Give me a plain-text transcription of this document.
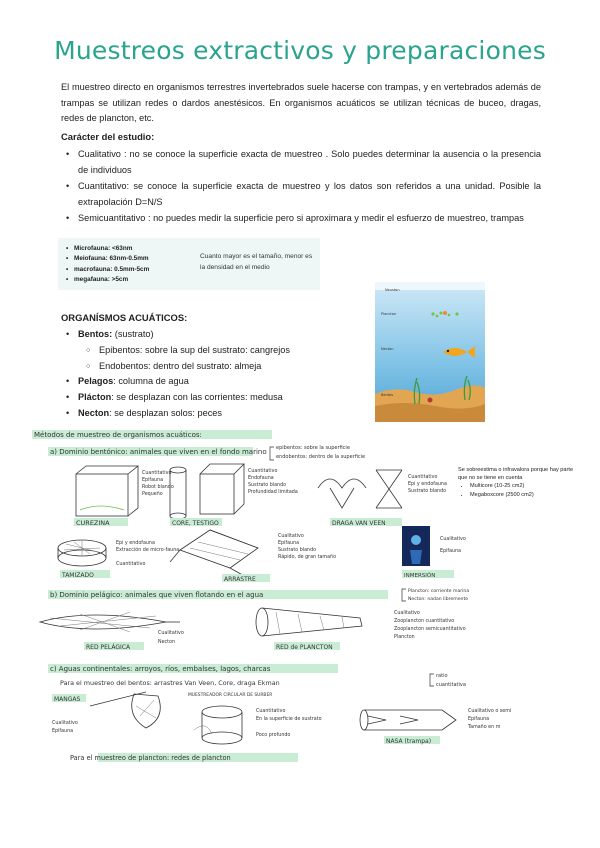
Muestreos extractivos y preparaciones
El muestreo directo en organismos terrestres invertebrados suele hacerse con trampas, y en vertebrados además de trampas se utilizan redes o dardos anestésicos. En organismos acuáticos se utilizan técnicas de buceo, dragas, redes de plancton, etc.
Carácter del estudio:
• Cualitativo : no se conoce la superficie exacta de muestreo . Solo puedes determinar la ausencia o la presencia de individuos
• Cuantitativo: se conoce la superficie exacta de muestreo y los datos son referidos a una unidad. Posible la extrapolación D=N/S
• Semicuantitativo : no puedes medir la superficie pero si aproximara y medir el esfuerzo de muestreo, trampas
• Microfauna: <63nm
• Meiofauna: 63nm-0.5mm
• macrofauna: 0.5mm-5cm
• megafauna: >5cm
Cuanto mayor es el tamaño, menor es la densidad en el medio
ORGANÍSMOS ACUÁTICOS:
• Bentos: (sustrato)
○ Epibentos: sobre la sup del sustrato: cangrejos
○ Endobentos: dentro del sustrato: almeja
• Pelagos: columna de agua
• Plácton: se desplazan con las corrientes: medusa
• Necton: se desplazan solos: peces
Neuston
Plancton
Necton
Bentos
Métodos de muestreo de organismos acuáticos:
a) Dominio bentónico: animales que viven en el fondo marino epibentos: sobre la superficie
endobentos: dentro de la superficie
Cuantitativo
Epifauna
Robot blando
Pequeño
CUREZINA
Cuantitativo
Endofauna
Sustrato blando
Profundidad limitada
CORE, TESTIGO
Cuantitativo
Epi y endofauna
Sustrato blando
DRAGA VAN VEEN
Epi y endofauna
Extracción de micro-fauna
Cuantitativo
TAMIZADO
Cualitativo
Epifauna
Sustrato blando
Rápido, de gran tamaño
ARRASTRE
Cualitativo
Epifauna
INMERSIÓN
b) Dominio pelágico: animales que viven flotando en el agua	Plancton: corriente marina
Necton: nadan libremente
Cualitativo
Necton
RED PELÁGICA
Cualitativo
Zooplancton cuantitativo
Zooplancton semicuantitativo
Plancton
RED de PLANCTON
c) Aguas continentales: arroyos, ríos, embalses, lagos, charcas
Para el muestreo del bentos: arrastres Van Veen, Core, draga Ekman
ratio
cuantitativa
MANGAS
Cualitativo
Epifauna
MUESTREADOR CIRCULAR DE SURBER
Cuantitativo
En la superficie de sustrato
Poco profundo
NASA (trampa)
Cualitativo o semi
Epifauna
Tamaño en m
Para el muestreo de plancton: redes de plancton
Se sobreestima o infravalora porque hay parte que no se tiene en cuenta
• Multicore (10-25 cm2)
• Megaboxcore (2500 cm2)
